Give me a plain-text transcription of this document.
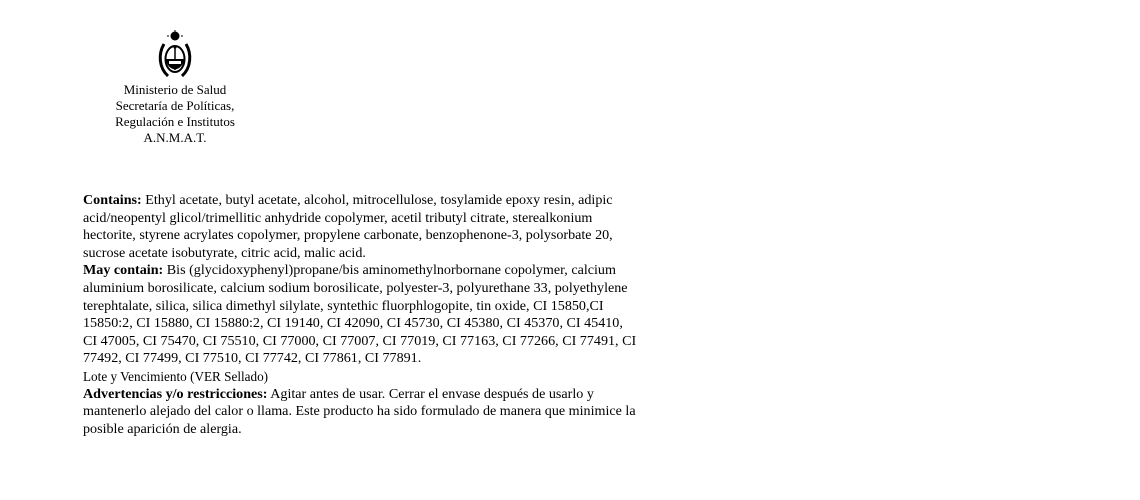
Ministerio de Salud

Secretaría de Políticas,

Regulación e Institutos

A.N.M.A.T.

Contains: Ethyl acetate, butyl acetate, alcohol, mitrocellulose, tosylamide epoxy resin, adipic
acid/neopentyl glicol/trimellitic anhydride copolymer, acetil tributyl citrate, sterealkonium
hectorite, styrene acrylates copolymer, propylene carbonate, benzophenone-3, polysorbate 20,
sucrose acetate isobutyrate, citric acid, malic acid.
May contain: Bis (glycidoxyphenyl)propane/bis aminomethylnorbornane copolymer, calcium
aluminium borosilicate, calcium sodium borosilicate, polyester-3, polyurethane 33, polyethylene
terephtalate, silica, silica dimethyl silylate, syntethic fluorphlogopite, tin oxide, CI 15850,CI
15850:2, CI 15880, CI 15880:2, CI 19140, CI 42090, CI 45730, CI 45380, CI 45370, CI 45410,
CI 47005, CI 75470, CI 75510, CI 77000, CI 77007, CI 77019, CI 77163, CI 77266, CI 77491, CI
77492, CI 77499, CI 77510, CI 77742, CI 77861, CI 77891.
Lote y Vencimiento (VER Sellado)
Advertencias y/o restricciones: Agitar antes de usar. Cerrar el envase después de usarlo y
mantenerlo alejado del calor o llama. Este producto ha sido formulado de manera que minimice la
posible aparición de alergia.
